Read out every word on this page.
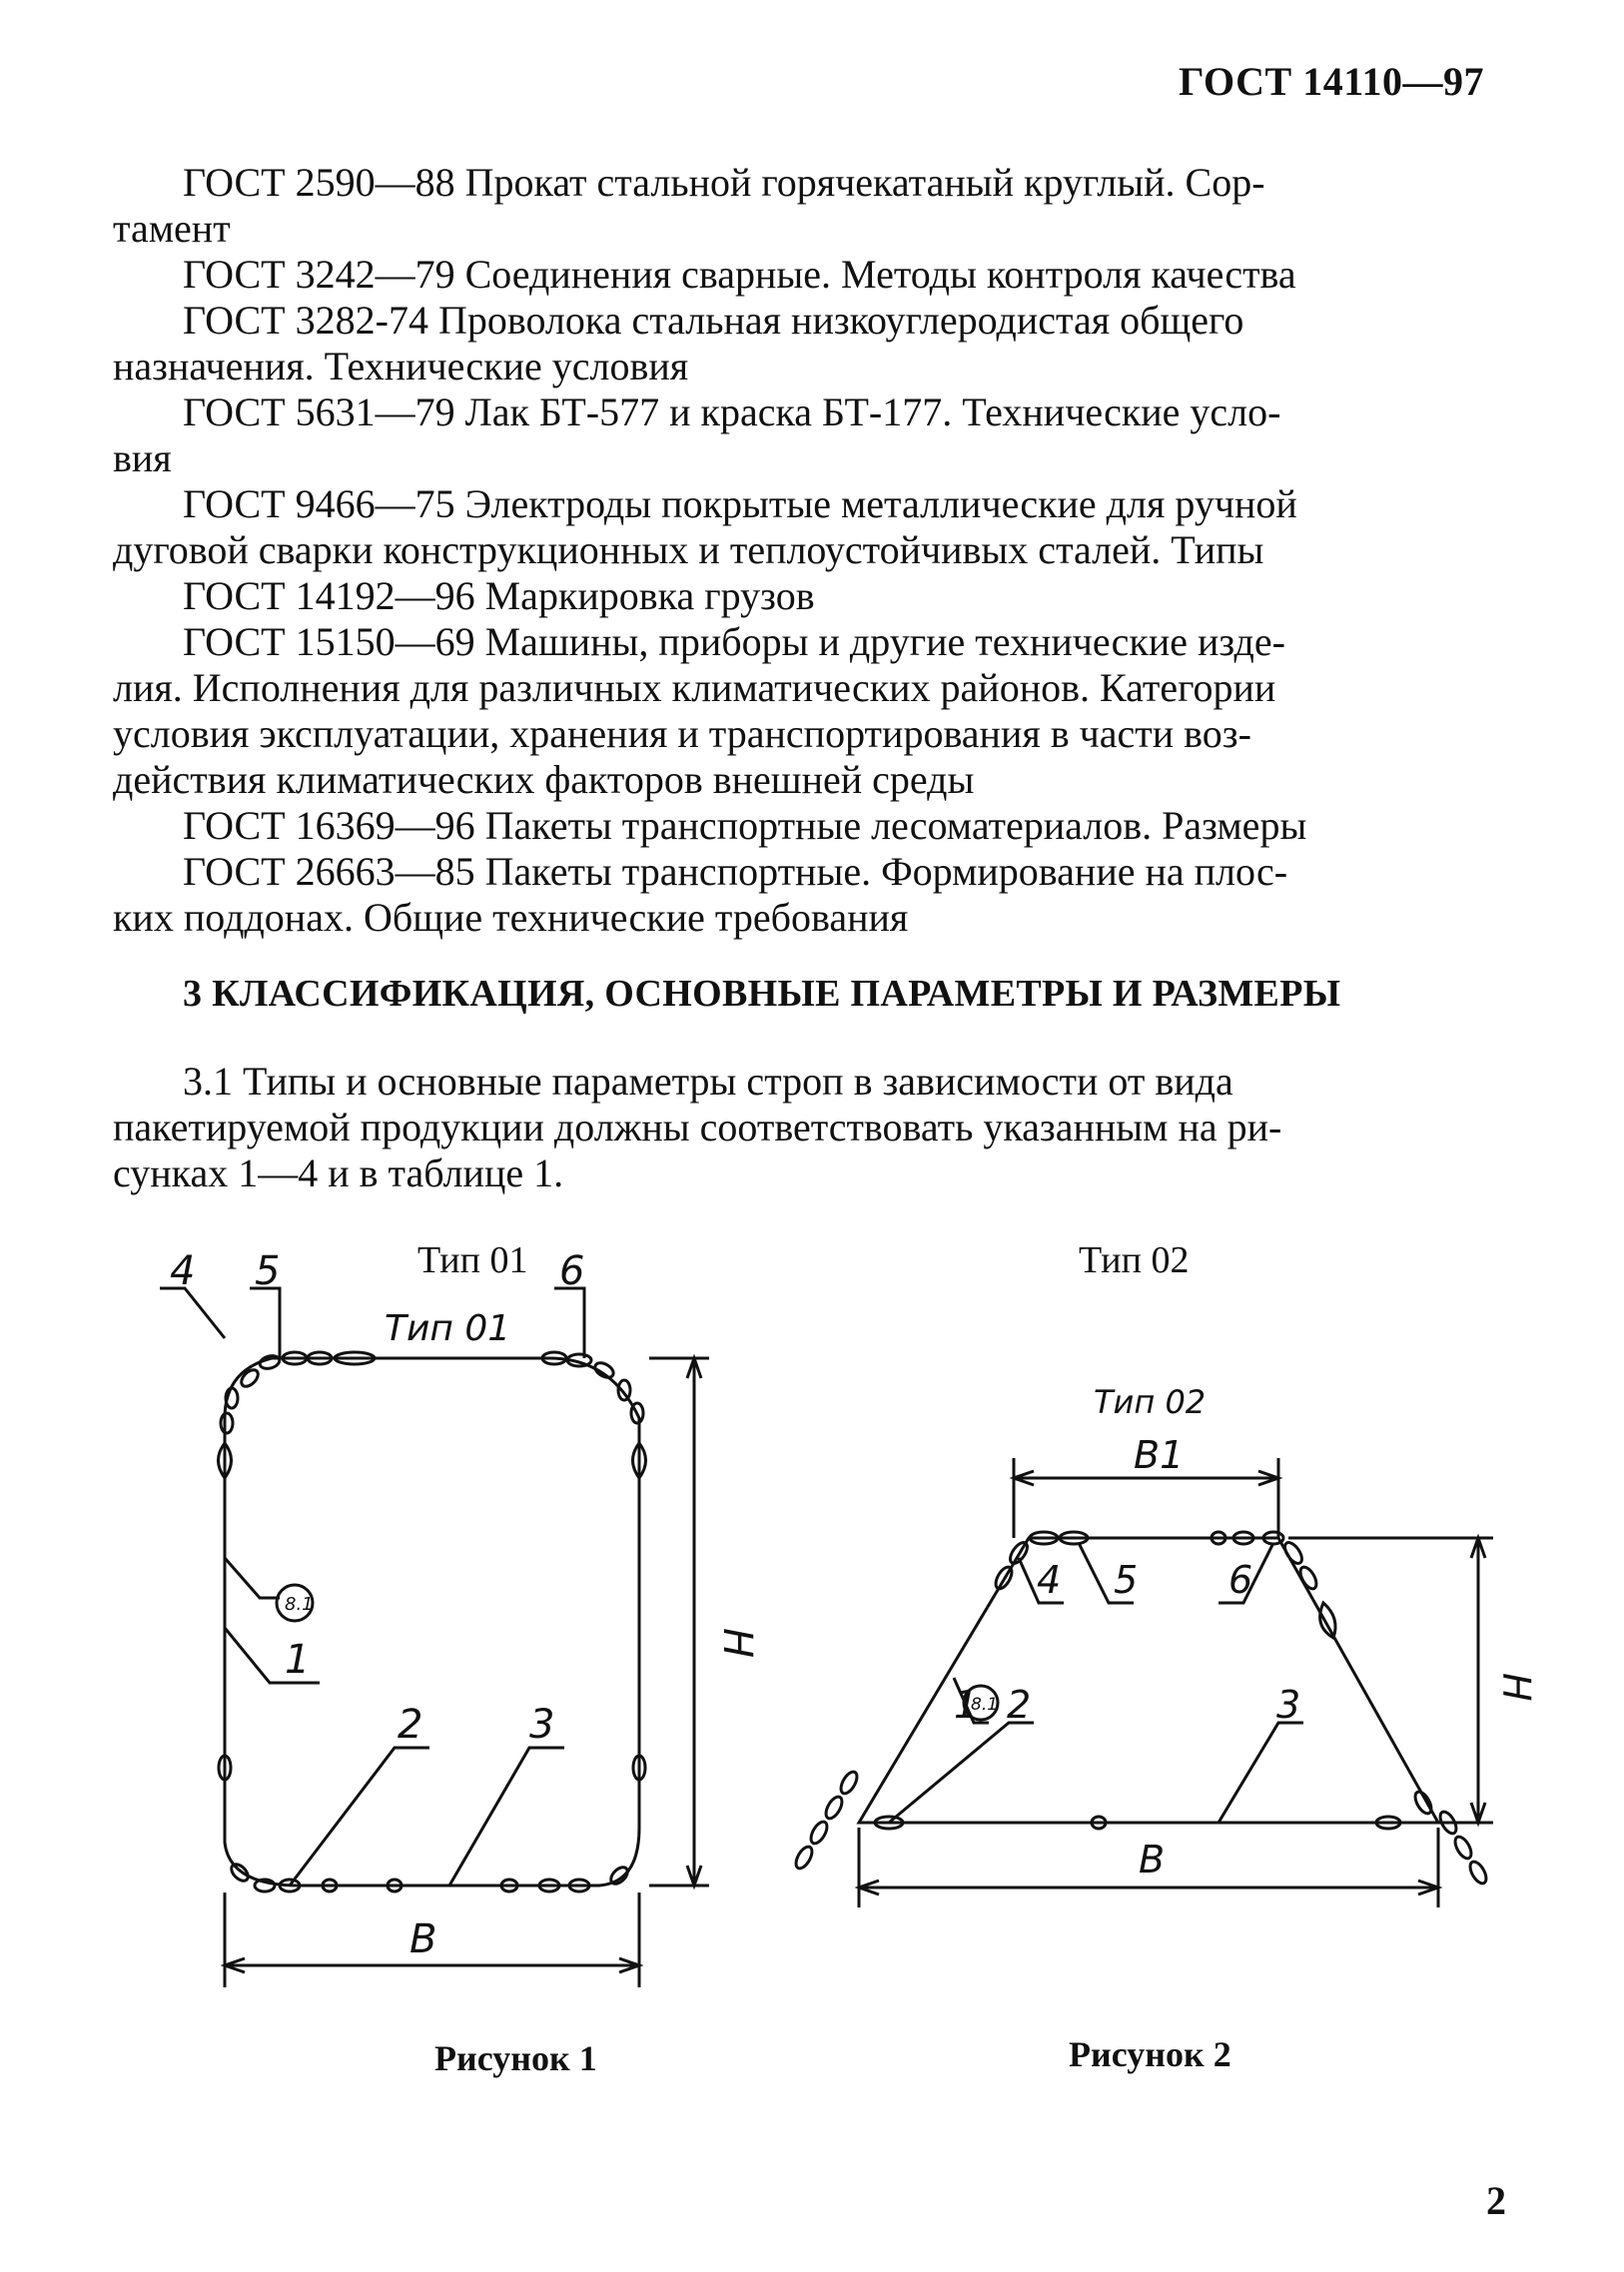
ГОСТ 14110—97
ГОСТ 2590—88 Прокат стальной горячекатаный круглый. Сор-
тамент
ГОСТ 3242—79 Соединения сварные. Методы контроля качества
ГОСТ 3282-74 Проволока стальная низкоуглеродистая общего
назначения. Технические условия
ГОСТ 5631—79 Лак БТ-577 и краска БТ-177. Технические усло-
вия
ГОСТ 9466—75 Электроды покрытые металлические для ручной
дуговой сварки конструкционных и теплоустойчивых сталей. Типы
ГОСТ 14192—96 Маркировка грузов
ГОСТ 15150—69 Машины, приборы и другие технические изде-
лия. Исполнения для различных климатических районов. Категории
условия эксплуатации, хранения и транспортирования в части воз-
действия климатических факторов внешней среды
ГОСТ 16369—96 Пакеты транспортные лесоматериалов. Размеры
ГОСТ 26663—85 Пакеты транспортные. Формирование на плос-
ких поддонах. Общие технические требования
3 КЛАССИФИКАЦИЯ, ОСНОВНЫЕ ПАРАМЕТРЫ И РАЗМЕРЫ
3.1 Типы и основные параметры строп в зависимости от вида
пакетируемой продукции должны соответствовать указанным на ри-
сунках 1—4 и в таблице 1.
Тип 01	Тип 02
4 5	6
1
2	3
8.1
H
B
Тип 01
4 5 6
1 2	3
8.1
H
B
B1
Тип 02
Рисунок 1	Рисунок 2
2
